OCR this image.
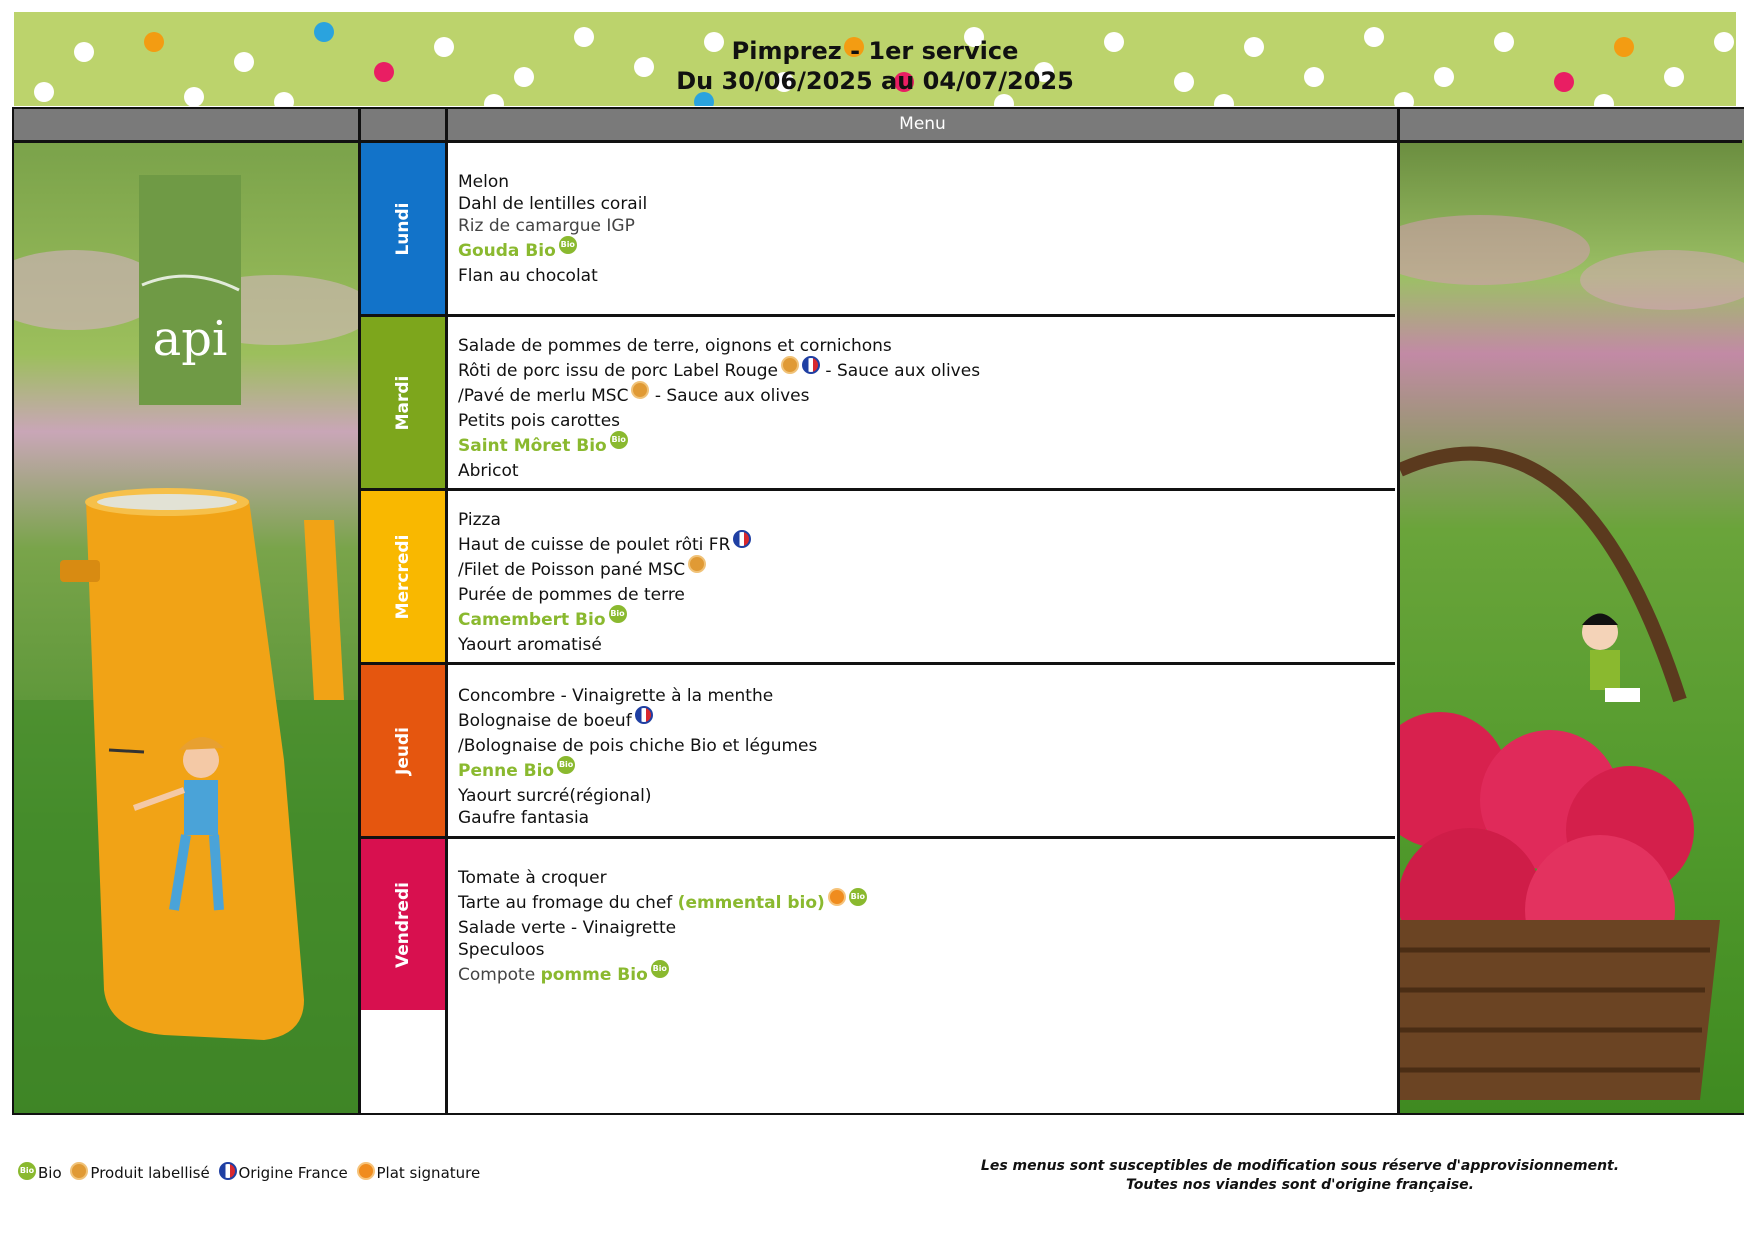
Pimprez - 1er service
Du 30/06/2025 au 04/07/2025
Menu
api
Lundi
Melon
Dahl de lentilles corail
Riz de camargue IGP
Gouda Bio Bio
Flan au chocolat
Mardi
Salade de pommes de terre, oignons et cornichons
Rôti de porc issu de porc Label Rouge - Sauce aux olives
/Pavé de merlu MSC - Sauce aux olives
Petits pois carottes
Saint Môret Bio Bio
Abricot
Mercredi
Pizza
Haut de cuisse de poulet rôti FR
/Filet de Poisson pané MSC
Purée de pommes de terre
Camembert Bio Bio
Yaourt aromatisé
Jeudi
Concombre - Vinaigrette à la menthe
Bolognaise de boeuf
/Bolognaise de pois chiche Bio et légumes
Penne Bio Bio
Yaourt surcré(régional)
Gaufre fantasia
Vendredi
Tomate à croquer
Tarte au fromage du chef (emmental bio)	Bio
Salade verte - Vinaigrette
Speculoos
Compote pomme Bio Bio
Bio Bio Produit labellisé Origine France Plat signature	Les menus sont susceptibles de modification sous réserve d'approvisionnement.
Toutes nos viandes sont d'origine française.
